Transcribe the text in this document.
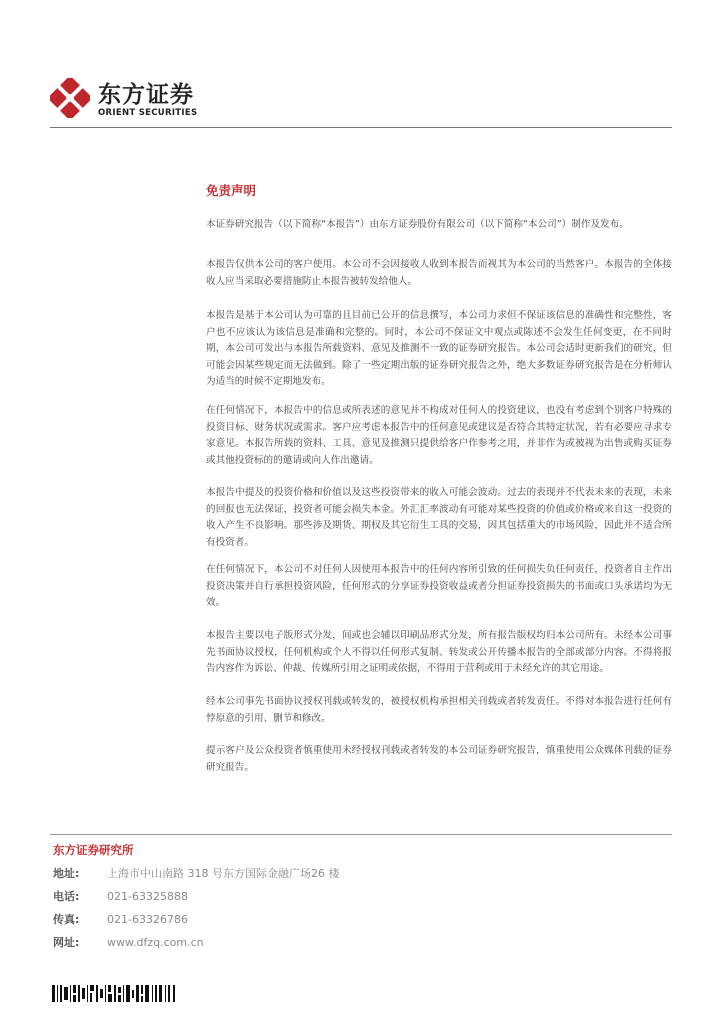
东方证券
ORIENT SECURITIES
免责声明

本证券研究报告（以下简称“本报告”）由东方证券股份有限公司（以下简称“本公司”）制作及发布。

本报告仅供本公司的客户使用。本公司不会因接收人收到本报告而视其为本公司的当然客户。本报告的全体接收人应当采取必要措施防止本报告被转发给他人。

本报告是基于本公司认为可靠的且目前已公开的信息撰写，本公司力求但不保证该信息的准确性和完整性，客户也不应该认为该信息是准确和完整的。同时，本公司不保证文中观点或陈述不会发生任何变更，在不同时期，本公司可发出与本报告所载资料、意见及推测不一致的证券研究报告。本公司会适时更新我们的研究，但可能会因某些规定而无法做到。除了一些定期出版的证券研究报告之外，绝大多数证券研究报告是在分析师认为适当的时候不定期地发布。

在任何情况下，本报告中的信息或所表述的意见并不构成对任何人的投资建议，也没有考虑到个别客户特殊的投资目标、财务状况或需求。客户应考虑本报告中的任何意见或建议是否符合其特定状况，若有必要应寻求专家意见。本报告所载的资料、工具、意见及推测只提供给客户作参考之用，并非作为或被视为出售或购买证券或其他投资标的的邀请或向人作出邀请。

本报告中提及的投资价格和价值以及这些投资带来的收入可能会波动。过去的表现并不代表未来的表现，未来的回报也无法保证，投资者可能会损失本金。外汇汇率波动有可能对某些投资的价值或价格或来自这一投资的收入产生不良影响。那些涉及期货、期权及其它衍生工具的交易，因其包括重大的市场风险，因此并不适合所有投资者。

在任何情况下，本公司不对任何人因使用本报告中的任何内容所引致的任何损失负任何责任，投资者自主作出投资决策并自行承担投资风险，任何形式的分享证券投资收益或者分担证券投资损失的书面或口头承诺均为无效。

本报告主要以电子版形式分发，间或也会辅以印刷品形式分发，所有报告版权均归本公司所有。未经本公司事先书面协议授权，任何机构或个人不得以任何形式复制、转发或公开传播本报告的全部或部分内容。不得将报告内容作为诉讼、仲裁、传媒所引用之证明或依据，不得用于营利或用于未经允许的其它用途。

经本公司事先书面协议授权刊载或转发的，被授权机构承担相关刊载或者转发责任。不得对本报告进行任何有悖原意的引用、删节和修改。

提示客户及公众投资者慎重使用未经授权刊载或者转发的本公司证券研究报告，慎重使用公众媒体刊载的证券研究报告。

东方证券研究所
地址:	上海市中山南路 318 号东方国际金融广场26 楼
电话:	021-63325888
传真:	021-63326786
网址:	www.dfzq.com.cn
